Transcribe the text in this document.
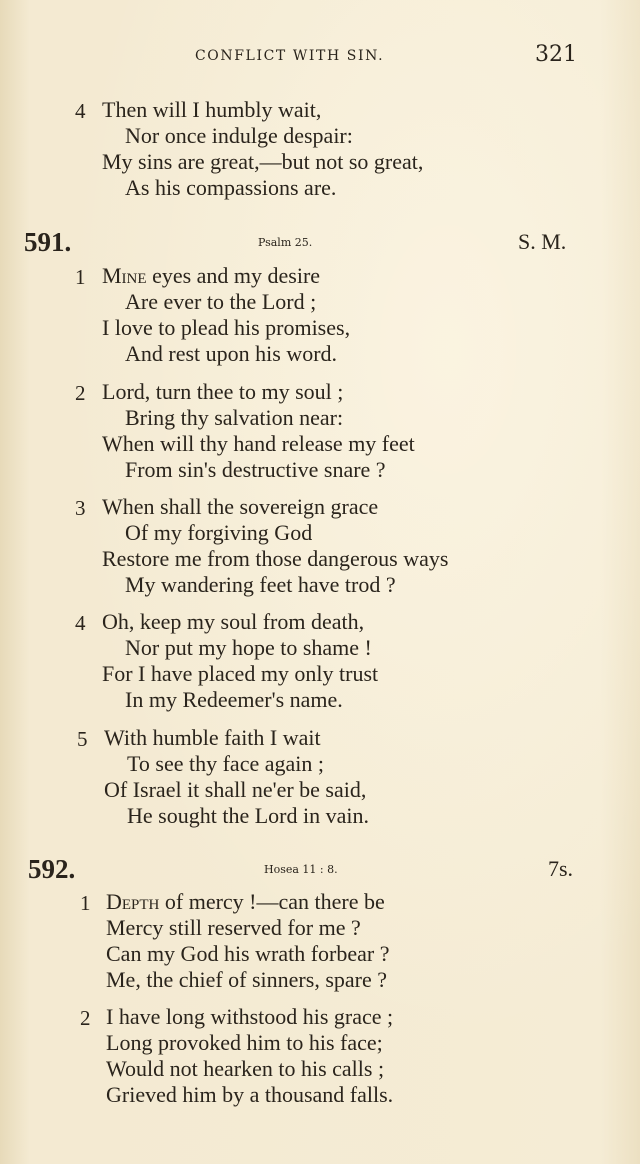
CONFLICT WITH SIN.	321
4 Then will I humbly wait,
Nor once indulge despair:
My sins are great,—but not so great,
As his compassions are.
591.	Psalm 25.	S. M.
1 Mine eyes and my desire
Are ever to the Lord ;
I love to plead his promises,
And rest upon his word.
2 Lord, turn thee to my soul ;
Bring thy salvation near:
When will thy hand release my feet
From sin's destructive snare ?
3 When shall the sovereign grace
Of my forgiving God
Restore me from those dangerous ways
My wandering feet have trod ?
4 Oh, keep my soul from death,
Nor put my hope to shame !
For I have placed my only trust
In my Redeemer's name.
5 With humble faith I wait
To see thy face again ;
Of Israel it shall ne'er be said,
He sought the Lord in vain.
592.	Hosea 11 : 8.	7s.
1 Depth of mercy !—can there be
Mercy still reserved for me ?
Can my God his wrath forbear ?
Me, the chief of sinners, spare ?
2 I have long withstood his grace ;
Long provoked him to his face;
Would not hearken to his calls ;
Grieved him by a thousand falls.
